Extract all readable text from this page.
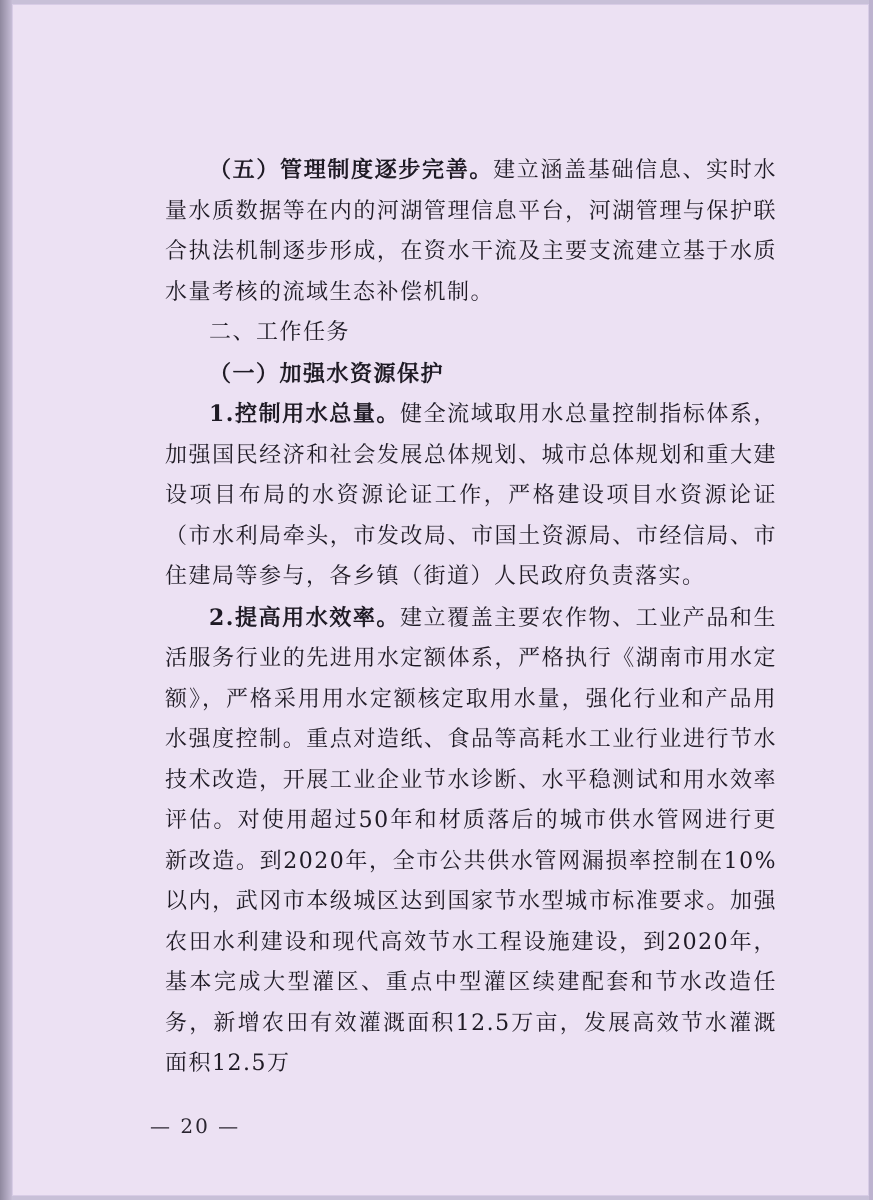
（五）管理制度逐步完善。建立涵盖基础信息、实时水量水质数据等在内的河湖管理信息平台，河湖管理与保护联合执法机制逐步形成，在资水干流及主要支流建立基于水质水量考核的流域生态补偿机制。

二、工作任务

（一）加强水资源保护

1.控制用水总量。健全流域取用水总量控制指标体系，加强国民经济和社会发展总体规划、城市总体规划和重大建设项目布局的水资源论证工作，严格建设项目水资源论证（市水利局牵头，市发改局、市国土资源局、市经信局、市住建局等参与，各乡镇（街道）人民政府负责落实。

2.提高用水效率。建立覆盖主要农作物、工业产品和生活服务行业的先进用水定额体系，严格执行《湖南市用水定额》，严格采用用水定额核定取用水量，强化行业和产品用水强度控制。重点对造纸、食品等高耗水工业行业进行节水技术改造，开展工业企业节水诊断、水平稳测试和用水效率评估。对使用超过50年和材质落后的城市供水管网进行更新改造。到2020年，全市公共供水管网漏损率控制在10%以内，武冈市本级城区达到国家节水型城市标准要求。加强农田水利建设和现代高效节水工程设施建设，到2020年，基本完成大型灌区、重点中型灌区续建配套和节水改造任务，新增农田有效灌溉面积12.5万亩，发展高效节水灌溉面积12.5万

— 20 —
